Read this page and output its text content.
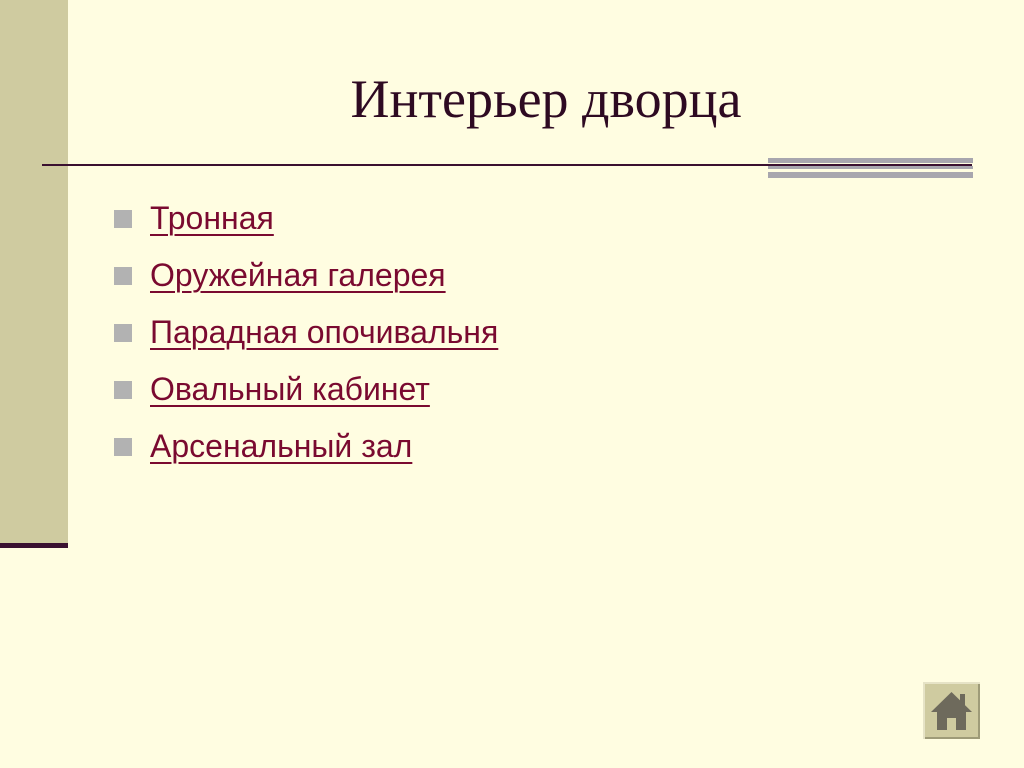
Интерьер дворца
Тронная
Оружейная галерея
Парадная опочивальня
Овальный кабинет
Арсенальный зал
